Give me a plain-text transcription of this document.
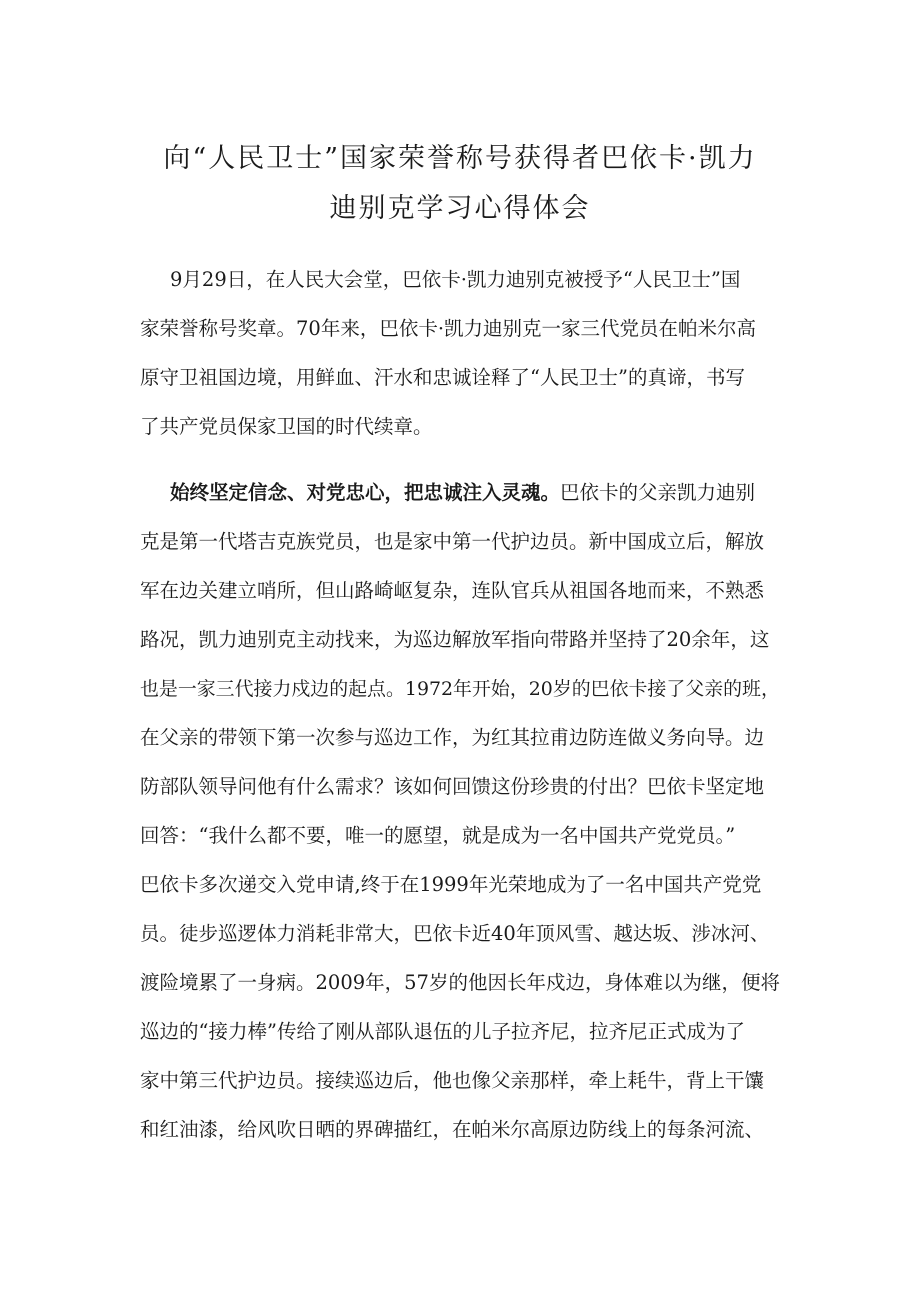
向“人民卫士”国家荣誉称号获得者巴依卡·凯力
迪别克学习心得体会
9月29日，在人民大会堂，巴依卡·凯力迪别克被授予“人民卫士”国
家荣誉称号奖章。70年来，巴依卡·凯力迪别克一家三代党员在帕米尔高
原守卫祖国边境，用鲜血、汗水和忠诚诠释了“人民卫士”的真谛，书写
了共产党员保家卫国的时代续章。
始终坚定信念、对党忠心，把忠诚注入灵魂。巴依卡的父亲凯力迪别
克是第一代塔吉克族党员，也是家中第一代护边员。新中国成立后，解放
军在边关建立哨所，但山路崎岖复杂，连队官兵从祖国各地而来，不熟悉
路况，凯力迪别克主动找来，为巡边解放军指向带路并坚持了20余年，这
也是一家三代接力戍边的起点。1972年开始，20岁的巴依卡接了父亲的班，
在父亲的带领下第一次参与巡边工作，为红其拉甫边防连做义务向导。边
防部队领导问他有什么需求？该如何回馈这份珍贵的付出？巴依卡坚定地
回答：“我什么都不要，唯一的愿望，就是成为一名中国共产党党员。”
巴依卡多次递交入党申请,终于在1999年光荣地成为了一名中国共产党党
员。徒步巡逻体力消耗非常大，巴依卡近40年顶风雪、越达坂、涉冰河、
渡险境累了一身病。2009年，57岁的他因长年戍边，身体难以为继，便将
巡边的“接力棒”传给了刚从部队退伍的儿子拉齐尼，拉齐尼正式成为了
家中第三代护边员。接续巡边后，他也像父亲那样，牵上耗牛，背上干馕
和红油漆，给风吹日晒的界碑描红，在帕米尔高原边防线上的每条河流、
